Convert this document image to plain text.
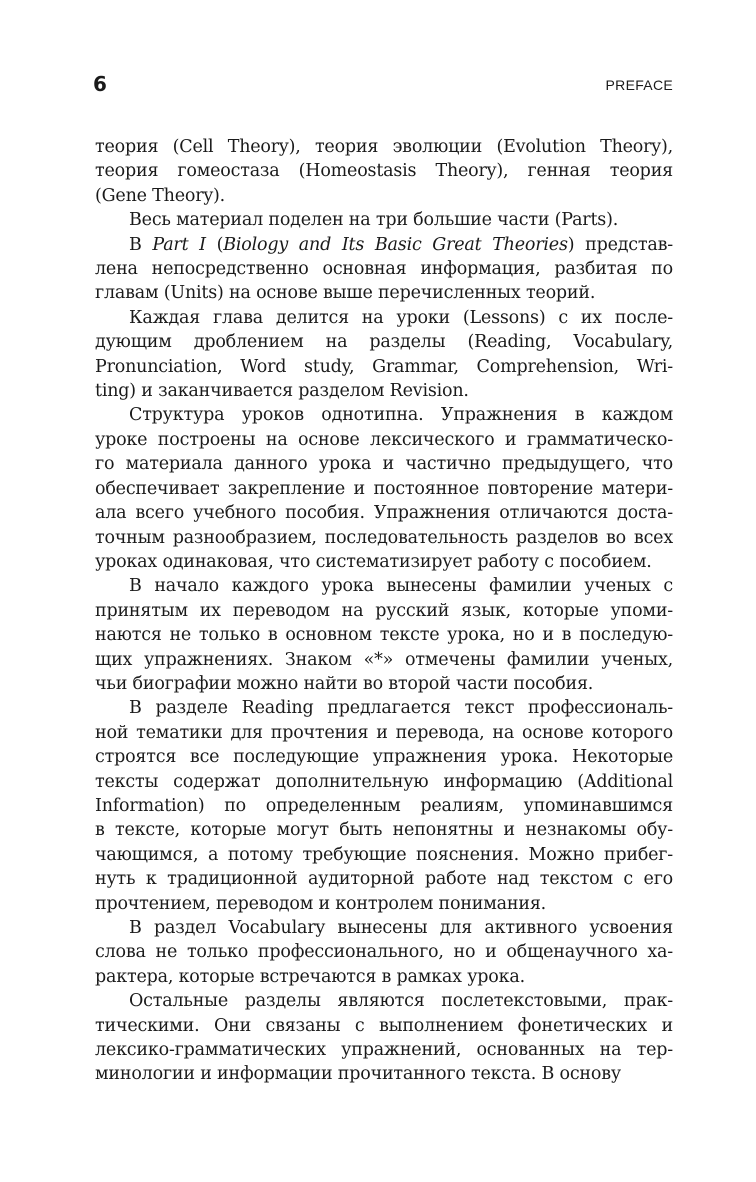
6	PREFACE
теория (Cell Theory), теория эволюции (Evolution Theory),
теория гомеостаза (Homeostasis Theory), генная теория
(Gene Theory).
Весь материал поделен на три большие части (Parts).
В Part I (Biology and Its Basic Great Theories) представ-
лена непосредственно основная информация, разбитая по
главам (Units) на основе выше перечисленных теорий.
Каждая глава делится на уроки (Lessons) с их после-
дующим дроблением на разделы (Reading, Vocabulary,
Pronunciation, Word study, Grammar, Comprehension, Wri-
ting) и заканчивается разделом Revision.
Структура уроков однотипна. Упражнения в каждом
уроке построены на основе лексического и грамматическо-
го материала данного урока и частично предыдущего, что
обеспечивает закрепление и постоянное повторение матери-
ала всего учебного пособия. Упражнения отличаются доста-
точным разнообразием, последовательность разделов во всех
уроках одинаковая, что систематизирует работу с пособием.
В начало каждого урока вынесены фамилии ученых с
принятым их переводом на русский язык, которые упоми-
наются не только в основном тексте урока, но и в последую-
щих упражнениях. Знаком «*» отмечены фамилии ученых,
чьи биографии можно найти во второй части пособия.
В разделе Reading предлагается текст профессиональ-
ной тематики для прочтения и перевода, на основе которого
строятся все последующие упражнения урока. Некоторые
тексты содержат дополнительную информацию (Additional
Information) по определенным реалиям, упоминавшимся
в тексте, которые могут быть непонятны и незнакомы обу-
чающимся, а потому требующие пояснения. Можно прибег-
нуть к традиционной аудиторной работе над текстом с его
прочтением, переводом и контролем понимания.
В раздел Vocabulary вынесены для активного усвоения
слова не только профессионального, но и общенаучного ха-
рактера, которые встречаются в рамках урока.
Остальные разделы являются послетекстовыми, прак-
тическими. Они связаны с выполнением фонетических и
лексико-грамматических упражнений, основанных на тер-
минологии и информации прочитанного текста. В основу
